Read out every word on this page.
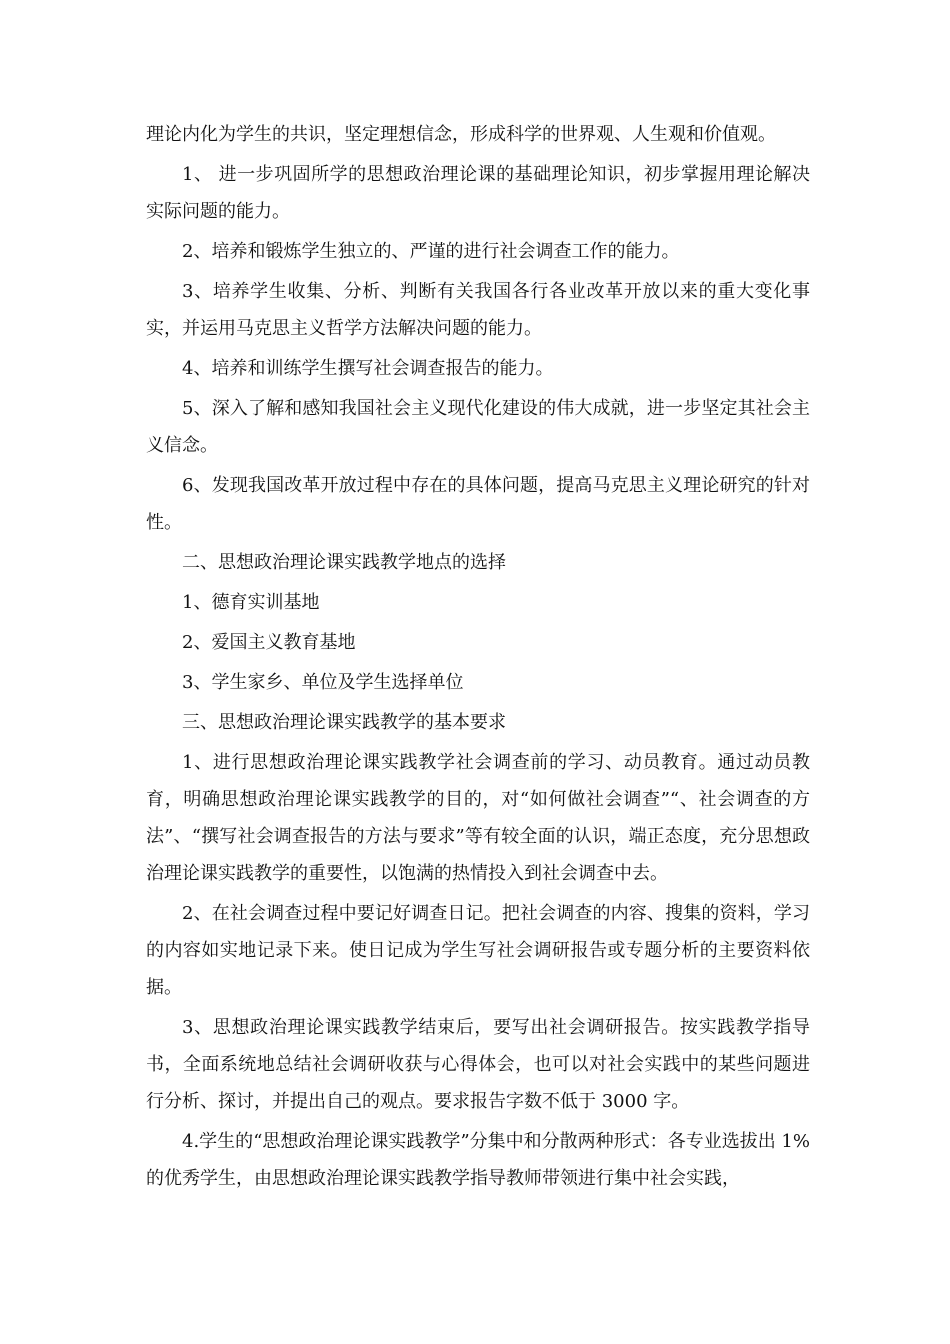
理论内化为学生的共识，坚定理想信念，形成科学的世界观、人生观和价值观。

1、 进一步巩固所学的思想政治理论课的基础理论知识，初步掌握用理论解决实际问题的能力。

2、培养和锻炼学生独立的、严谨的进行社会调查工作的能力。

3、培养学生收集、分析、判断有关我国各行各业改革开放以来的重大变化事实，并运用马克思主义哲学方法解决问题的能力。

4、培养和训练学生撰写社会调查报告的能力。

5、深入了解和感知我国社会主义现代化建设的伟大成就，进一步坚定其社会主义信念。

6、发现我国改革开放过程中存在的具体问题，提高马克思主义理论研究的针对性。

二、思想政治理论课实践教学地点的选择

1、德育实训基地

2、爱国主义教育基地

3、学生家乡、单位及学生选择单位

三、思想政治理论课实践教学的基本要求

1、进行思想政治理论课实践教学社会调查前的学习、动员教育。通过动员教育，明确思想政治理论课实践教学的目的，对“如何做社会调查”“、社会调查的方法”、“撰写社会调查报告的方法与要求”等有较全面的认识，端正态度，充分思想政治理论课实践教学的重要性，以饱满的热情投入到社会调查中去。

2、在社会调查过程中要记好调查日记。把社会调查的内容、搜集的资料，学习的内容如实地记录下来。使日记成为学生写社会调研报告或专题分析的主要资料依据。

3、思想政治理论课实践教学结束后，要写出社会调研报告。按实践教学指导书，全面系统地总结社会调研收获与心得体会，也可以对社会实践中的某些问题进行分析、探讨，并提出自己的观点。要求报告字数不低于 3000 字。

4.学生的“思想政治理论课实践教学”分集中和分散两种形式：各专业选拔出 1%的优秀学生，由思想政治理论课实践教学指导教师带领进行集中社会实践，
